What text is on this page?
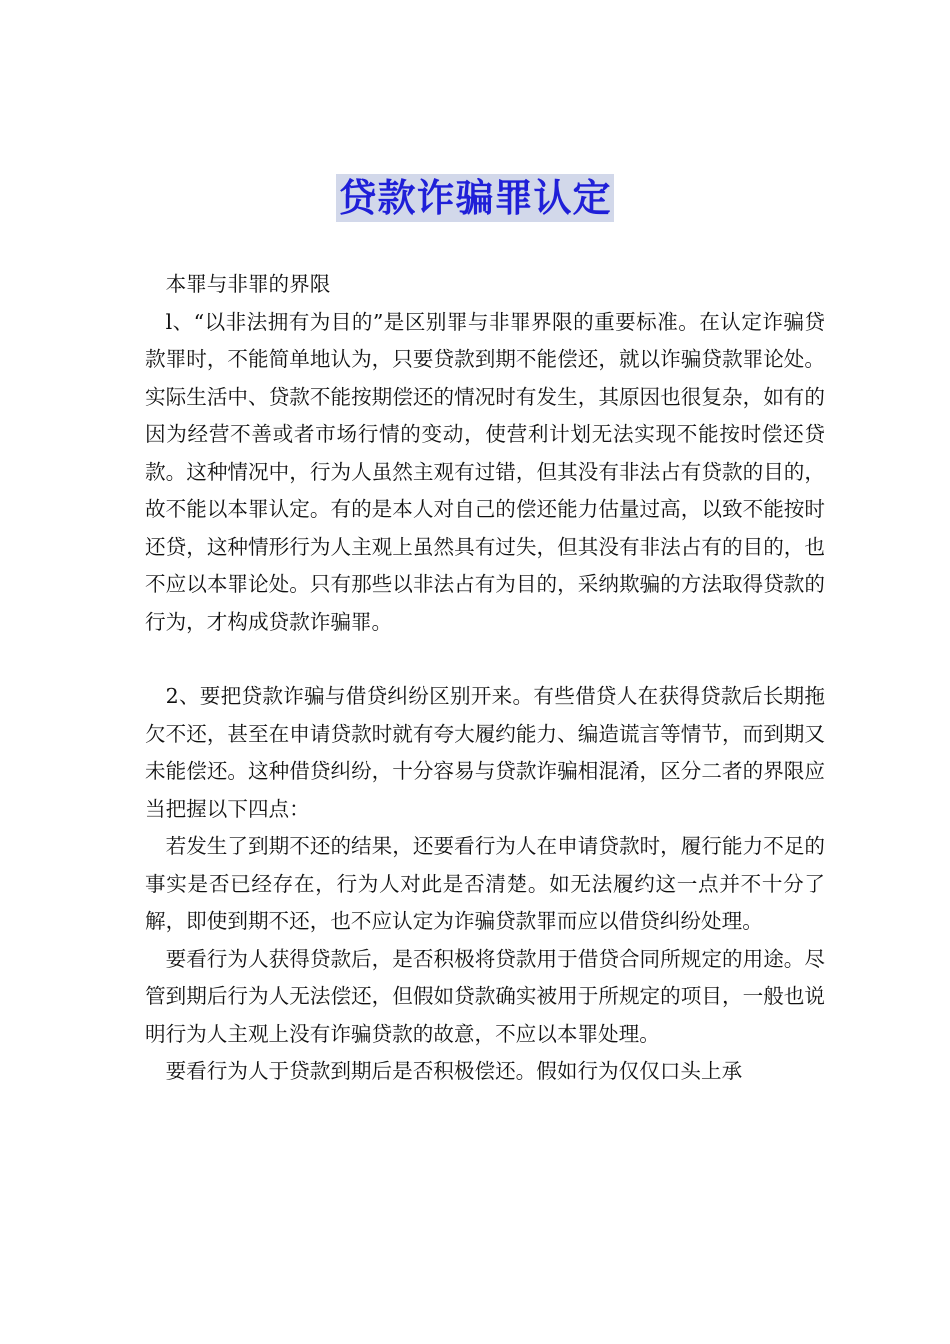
贷款诈骗罪认定

本罪与非罪的界限

l、“以非法拥有为目的”是区别罪与非罪界限的重要标准。在认定诈骗贷款罪时，不能简单地认为，只要贷款到期不能偿还，就以诈骗贷款罪论处。实际生活中、贷款不能按期偿还的情况时有发生，其原因也很复杂，如有的因为经营不善或者市场行情的变动，使营利计划无法实现不能按时偿还贷款。这种情况中，行为人虽然主观有过错，但其没有非法占有贷款的目的，故不能以本罪认定。有的是本人对自己的偿还能力估量过高，以致不能按时还贷，这种情形行为人主观上虽然具有过失，但其没有非法占有的目的，也不应以本罪论处。只有那些以非法占有为目的，采纳欺骗的方法取得贷款的行为，才构成贷款诈骗罪。

2、要把贷款诈骗与借贷纠纷区别开来。有些借贷人在获得贷款后长期拖欠不还，甚至在申请贷款时就有夸大履约能力、编造谎言等情节，而到期又未能偿还。这种借贷纠纷，十分容易与贷款诈骗相混淆，区分二者的界限应当把握以下四点：

若发生了到期不还的结果，还要看行为人在申请贷款时，履行能力不足的事实是否已经存在，行为人对此是否清楚。如无法履约这一点并不十分了解，即使到期不还，也不应认定为诈骗贷款罪而应以借贷纠纷处理。

要看行为人获得贷款后，是否积极将贷款用于借贷合同所规定的用途。尽管到期后行为人无法偿还，但假如贷款确实被用于所规定的项目，一般也说明行为人主观上没有诈骗贷款的故意，不应以本罪处理。

要看行为人于贷款到期后是否积极偿还。假如行为仅仅口头上承
